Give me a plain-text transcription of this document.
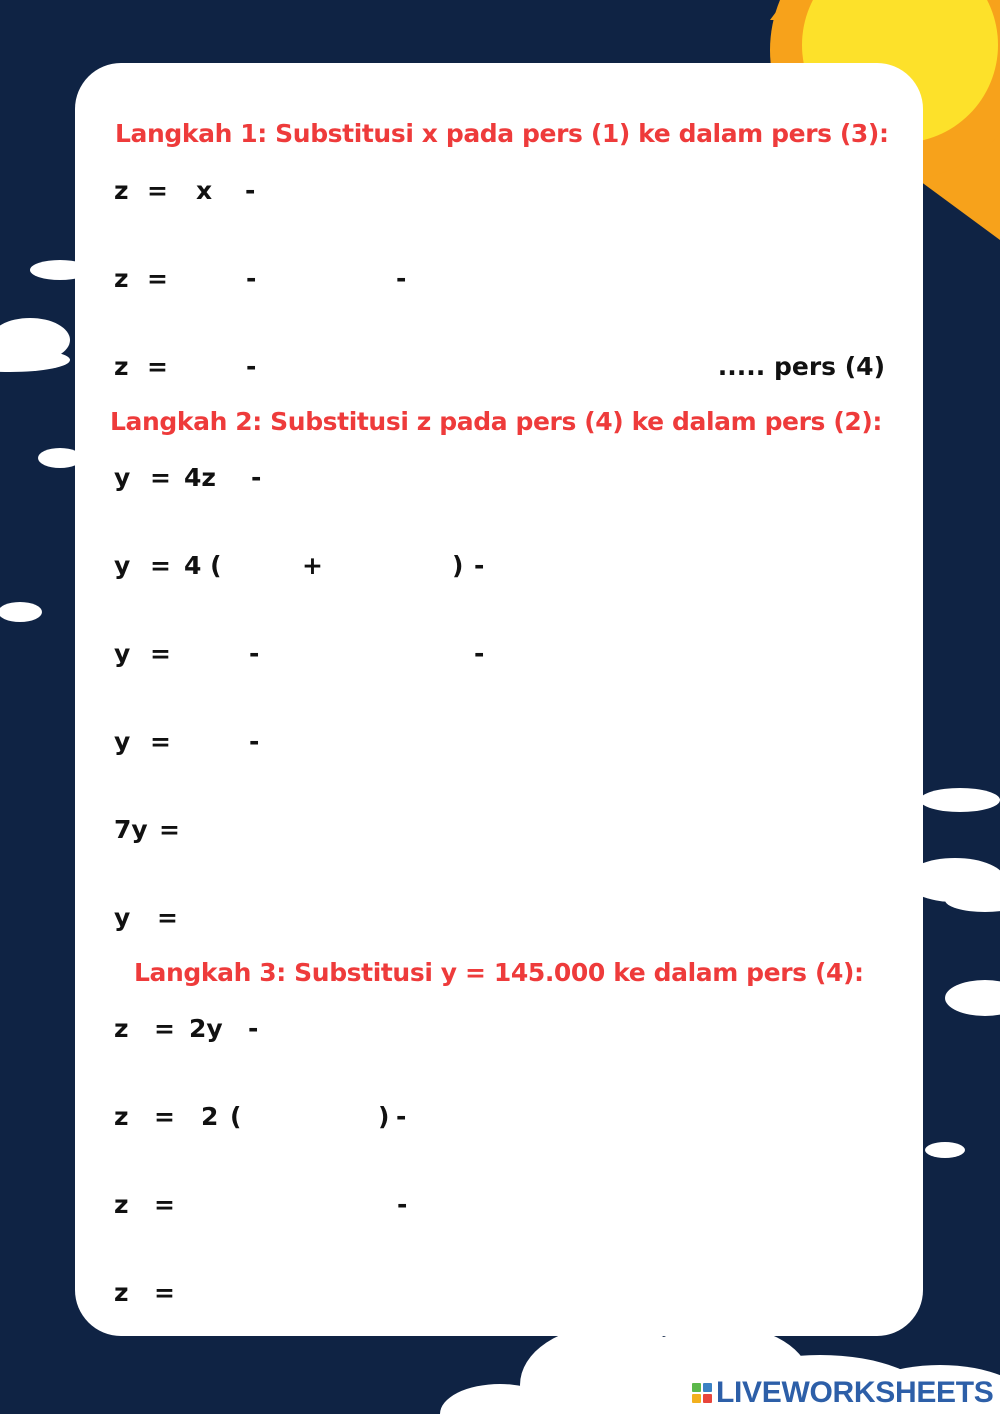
Langkah 1: Substitusi x pada pers (1) ke dalam pers (3):
z = x -
z =	-	-
z =	-	..... pers (4)
Langkah 2: Substitusi z pada pers (4) ke dalam pers (2):
y = 4z -
y = 4 (	+	) -
y =	-	-
y =	-
7y =
y =
Langkah 3: Substitusi y = 145.000 ke dalam pers (4):
z = 2y -
z = 2 (	) -
z =	-
z =
LIVEWORKSHEETS
